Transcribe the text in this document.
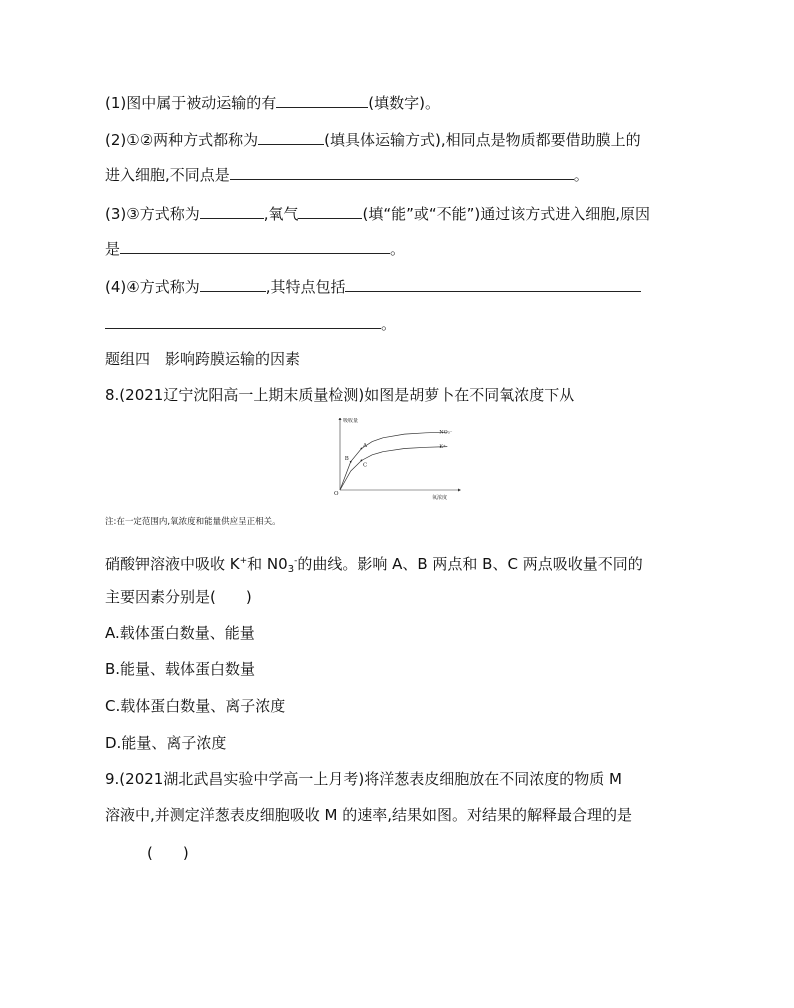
(1)图中属于被动运输的有	(填数字)。
(2)①②两种方式都称为	(填具体运输方式),相同点是物质都要借助膜上的
进入细胞,不同点是	。
(3)③方式称为	,氧气	(填“能”或“不能”)通过该方式进入细胞,原因
是	。
(4)④方式称为	,其特点包括
。
题组四　影响跨膜运输的因素
8.(2021辽宁沈阳高一上期末质量检测)如图是胡萝卜在不同氧浓度下从
吸收量
氧浓度
O
NO₃⁻
K⁺
A
B
C
注:在一定范围内,氧浓度和能量供应呈正相关。
硝酸钾溶液中吸收 K+和 $N0_3^-$的曲线。影响 A、B 两点和 B、C 两点吸收量不同的
主要因素分别是(　　)
A.载体蛋白数量、能量
B.能量、载体蛋白数量
C.载体蛋白数量、离子浓度
D.能量、离子浓度
9.(2021湖北武昌实验中学高一上月考)将洋葱表皮细胞放在不同浓度的物质 M
溶液中,并测定洋葱表皮细胞吸收 M 的速率,结果如图。对结果的解释最合理的是
(　　)
